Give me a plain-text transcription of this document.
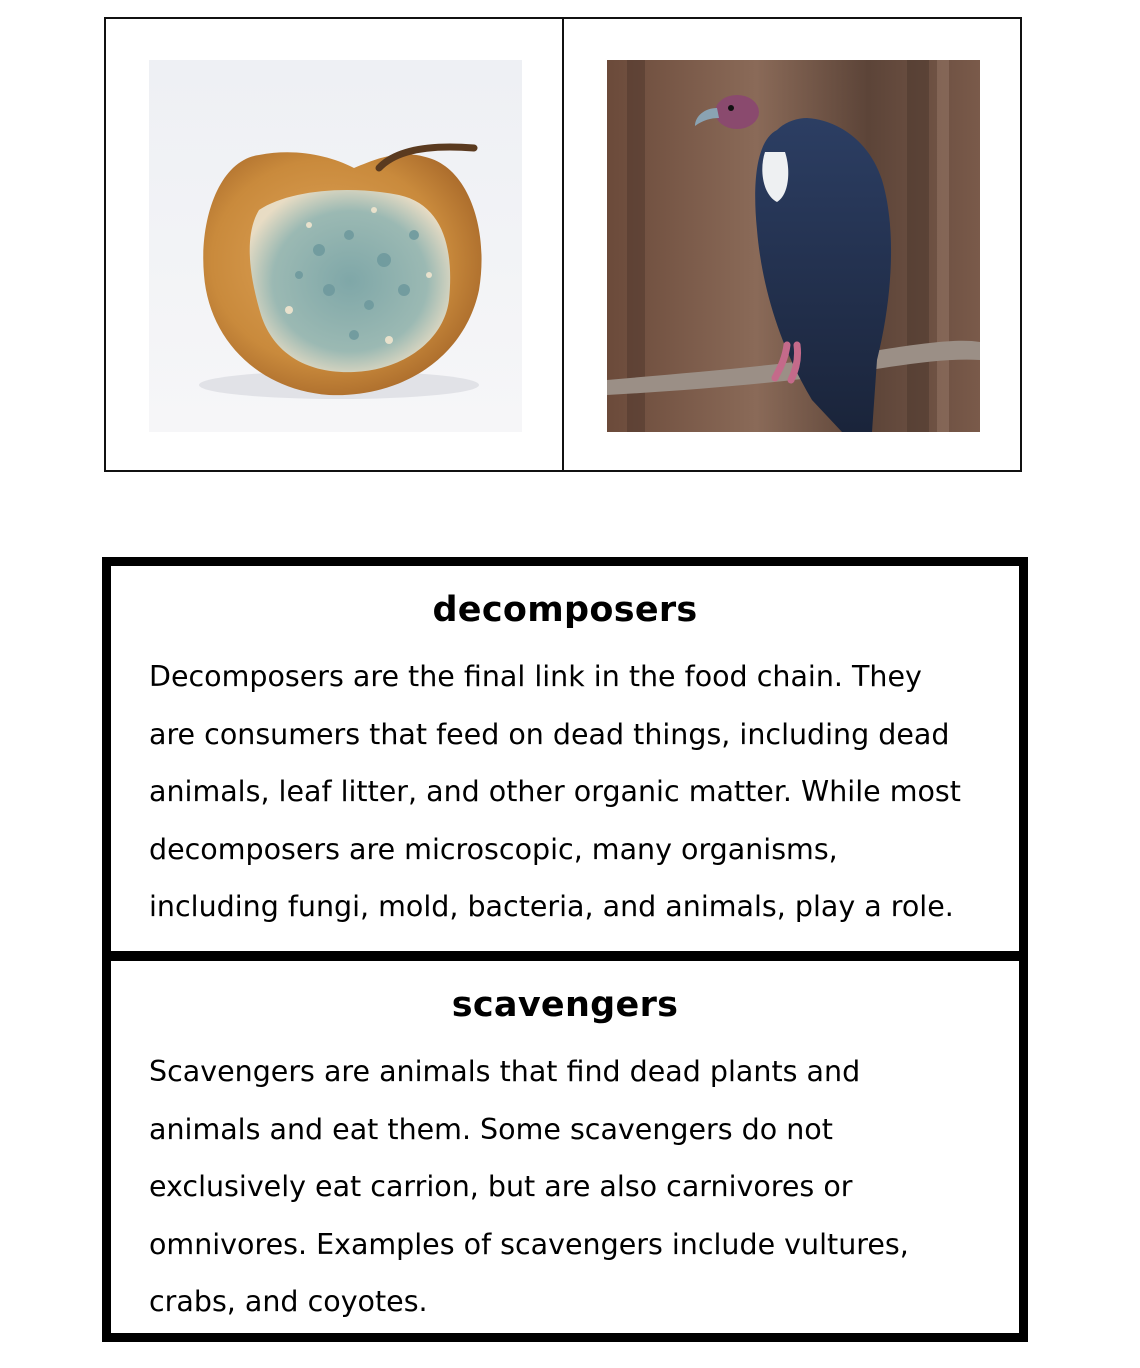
decomposers

Decomposers are the final link in the food chain. They
are consumers that feed on dead things, including dead
animals, leaf litter, and other organic matter. While most
decomposers are microscopic, many organisms,
including fungi, mold, bacteria, and animals, play a role.

scavengers

Scavengers are animals that find dead plants and
animals and eat them. Some scavengers do not
exclusively eat carrion, but are also carnivores or
omnivores. Examples of scavengers include vultures,
crabs, and coyotes.
